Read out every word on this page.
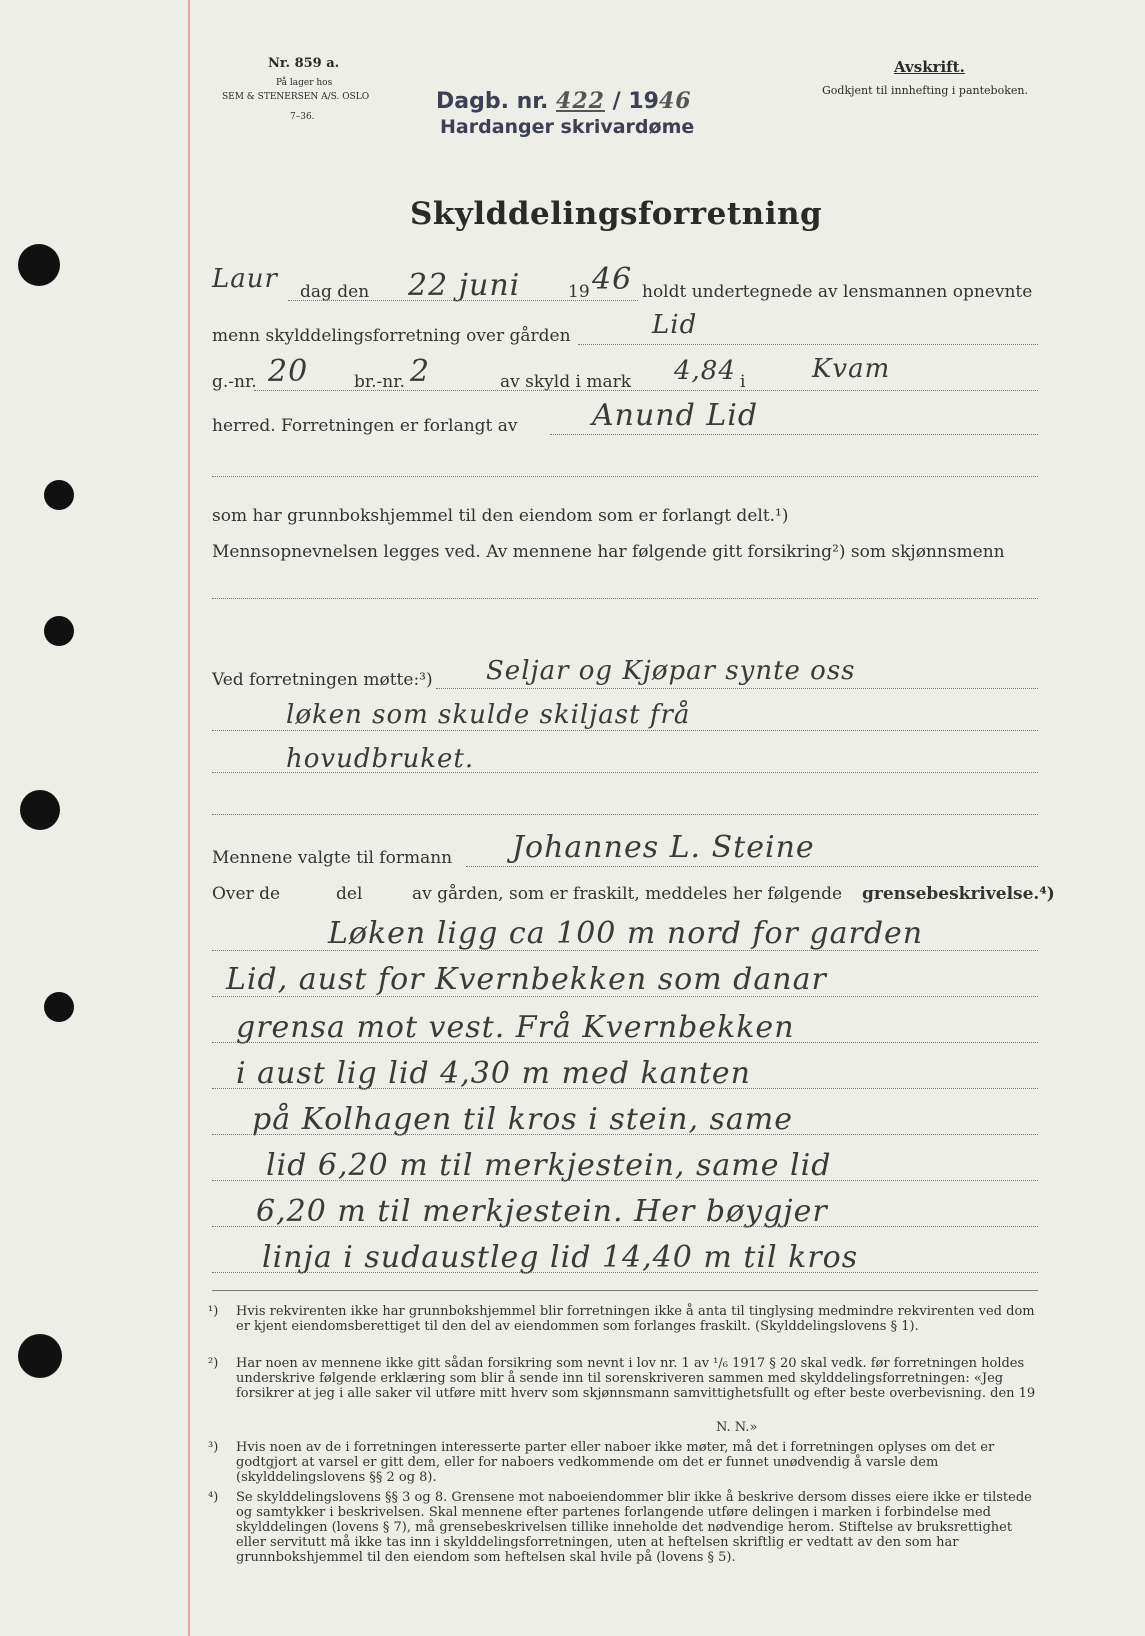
Nr. 859 a.
På lager hos
SEM & STENERSEN A/S. OSLO
7–36.
Dagb. nr. 422 / 1946
Hardanger skrivardøme
Avskrift.
Godkjent til innhefting i panteboken.
Skylddelingsforretning
Laur dag den 22 juni	19 46 holdt undertegnede av lensmannen opnevnte
menn skylddelingsforretning over gården	Lid
g.-nr. 20	br.-nr. 2	av skyld i mark 4,84 i	Kvam
herred. Forretningen er forlangt av Anund Lid
som har grunnbokshjemmel til den eiendom som er forlangt delt.¹)
Mennsopnevnelsen legges ved. Av mennene har følgende gitt forsikring²) som skjønnsmenn
Ved forretningen møtte:³) Seljar og Kjøpar synte oss
løken som skulde skiljast frå
hovudbruket.
Mennene valgte til formann Johannes L. Steine
Over de	del	av gården, som er fraskilt, meddeles her følgende grensebeskrivelse.⁴)
Løken ligg ca 100 m nord for garden
Lid, aust for Kvernbekken som danar
grensa mot vest. Frå Kvernbekken
i aust lig lid 4,30 m med kanten
på Kolhagen til kros i stein, same
lid 6,20 m til merkjestein, same lid
6,20 m til merkjestein. Her bøygjer
linja i sudaustleg lid 14,40 m til kros
¹) Hvis rekvirenten ikke har grunnbokshjemmel blir forretningen ikke å anta til tinglysing medmindre rekvirenten ved dom er kjent eiendomsberettiget til den del av eiendommen som forlanges fraskilt. (Skylddelingslovens § 1).
²) Har noen av mennene ikke gitt sådan forsikring som nevnt i lov nr. 1 av ¹/₆ 1917 § 20 skal vedk. før forretningen holdes underskrive følgende erklæring som blir å sende inn til sorenskriveren sammen med skylddelingsforretningen: «Jeg forsikrer at jeg i alle saker vil utføre mitt hverv som skjønnsmann samvittighetsfullt og efter beste overbevisning. den 19
N. N.»
³) Hvis noen av de i forretningen interesserte parter eller naboer ikke møter, må det i forretningen oplyses om det er godtgjort at varsel er gitt dem, eller for naboers vedkommende om det er funnet unødvendig å varsle dem (skylddelingslovens §§ 2 og 8).
⁴) Se skylddelingslovens §§ 3 og 8. Grensene mot naboeiendommer blir ikke å beskrive dersom disses eiere ikke er tilstede og samtykker i beskrivelsen. Skal mennene efter partenes forlangende utføre delingen i marken i forbindelse med skylddelingen (lovens § 7), må grensebeskrivelsen tillike inneholde det nødvendige herom. Stiftelse av bruksrettighet eller servitutt må ikke tas inn i skylddelingsforretningen, uten at heftelsen skriftlig er vedtatt av den som har grunnbokshjemmel til den eiendom som heftelsen skal hvile på (lovens § 5).
